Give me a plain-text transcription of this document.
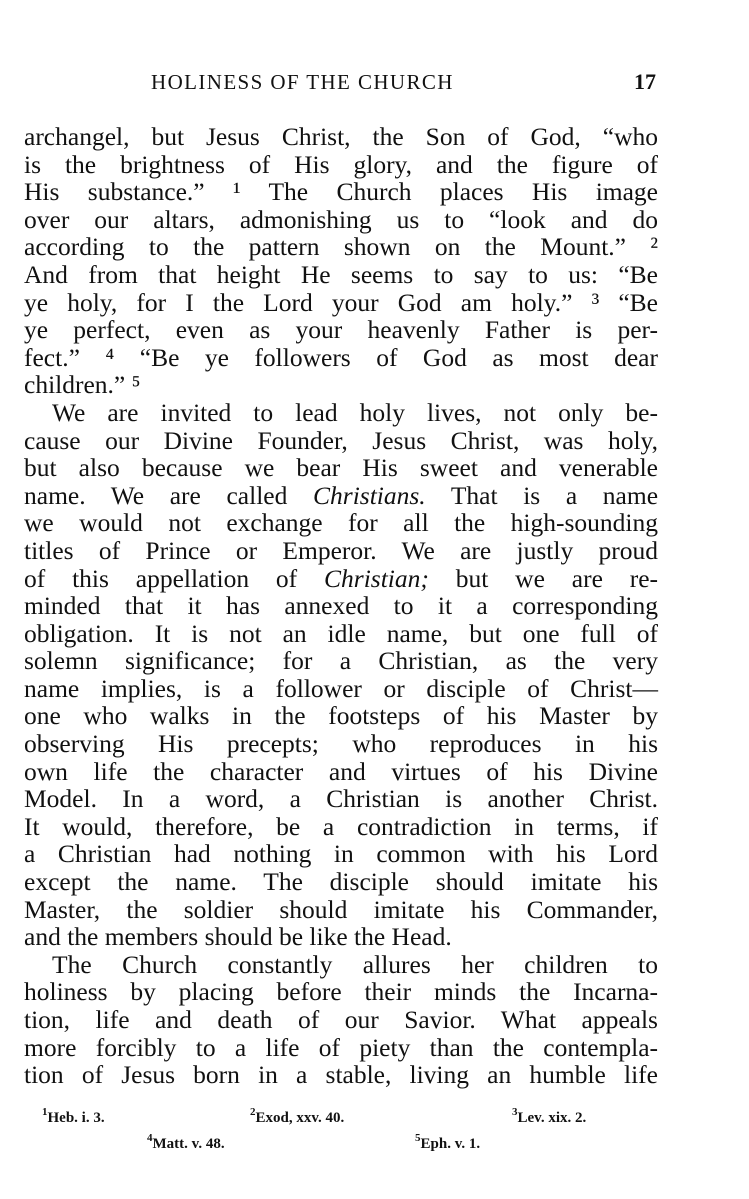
HOLINESS OF THE CHURCH	17
archangel, but Jesus Christ, the Son of God, “who
is the brightness of His glory, and the figure of
His substance.” ¹ The Church places His image
over our altars, admonishing us to “look and do
according to the pattern shown on the Mount.” ²
And from that height He seems to say to us: “Be
ye holy, for I the Lord your God am holy.” ³ “Be
ye perfect, even as your heavenly Father is per-
fect.” ⁴ “Be ye followers of God as most dear
children.” ⁵
We are invited to lead holy lives, not only be-
cause our Divine Founder, Jesus Christ, was holy,
but also because we bear His sweet and venerable
name. We are called Christians. That is a name
we would not exchange for all the high-sounding
titles of Prince or Emperor. We are justly proud
of this appellation of Christian; but we are re-
minded that it has annexed to it a corresponding
obligation. It is not an idle name, but one full of
solemn significance; for a Christian, as the very
name implies, is a follower or disciple of Christ—
one who walks in the footsteps of his Master by
observing His precepts; who reproduces in his
own life the character and virtues of his Divine
Model. In a word, a Christian is another Christ.
It would, therefore, be a contradiction in terms, if
a Christian had nothing in common with his Lord
except the name. The disciple should imitate his
Master, the soldier should imitate his Commander,
and the members should be like the Head.
The Church constantly allures her children to
holiness by placing before their minds the Incarna-
tion, life and death of our Savior. What appeals
more forcibly to a life of piety than the contempla-
tion of Jesus born in a stable, living an humble life
$^1$Heb. i. 3.	$^2$Exod, xxv. 40.	$^3$Lev. xix. 2.
$^4$Matt. v. 48.	$^5$Eph. v. 1.
